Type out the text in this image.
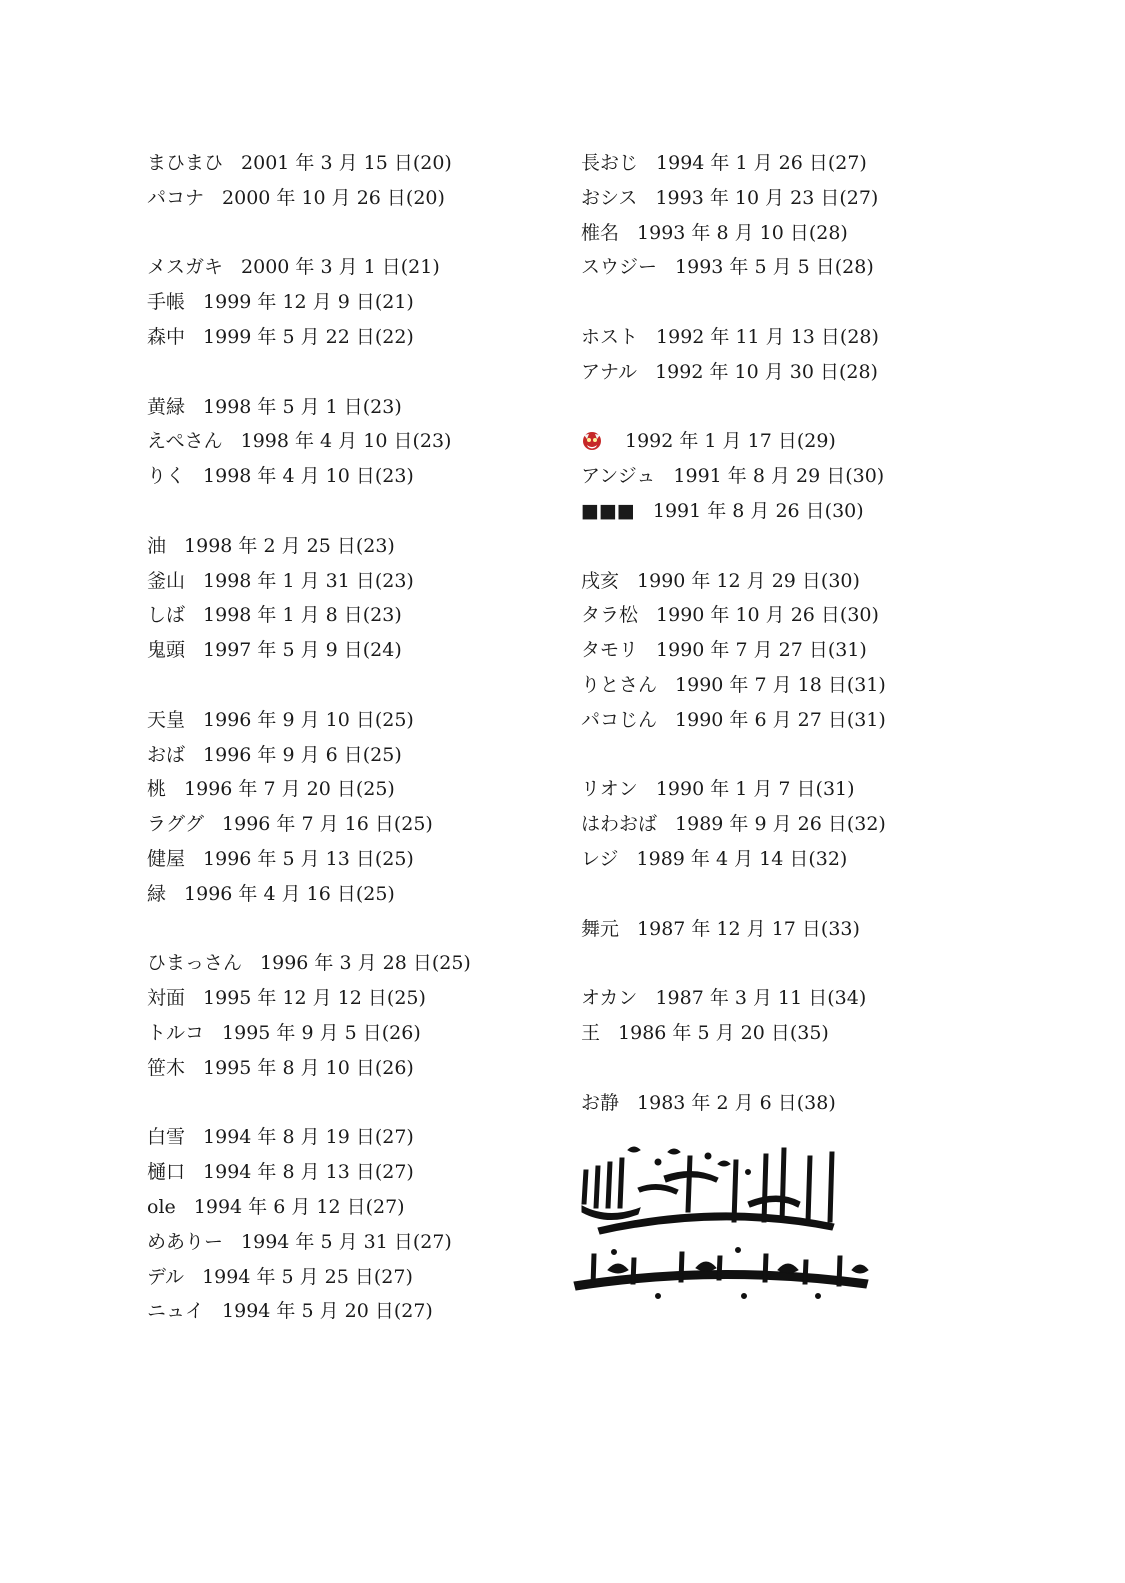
まひまひ 2001 年 3 月 15 日(20)
パコナ 2000 年 10 月 26 日(20)
メスガキ 2000 年 3 月 1 日(21)
手帳 1999 年 12 月 9 日(21)
森中 1999 年 5 月 22 日(22)
黄緑 1998 年 5 月 1 日(23)
えぺさん 1998 年 4 月 10 日(23)
りく 1998 年 4 月 10 日(23)
油 1998 年 2 月 25 日(23)
釜山 1998 年 1 月 31 日(23)
しば 1998 年 1 月 8 日(23)
鬼頭 1997 年 5 月 9 日(24)
天皇 1996 年 9 月 10 日(25)
おば 1996 年 9 月 6 日(25)
桃 1996 年 7 月 20 日(25)
ラググ 1996 年 7 月 16 日(25)
健屋 1996 年 5 月 13 日(25)
緑 1996 年 4 月 16 日(25)
ひまっさん 1996 年 3 月 28 日(25)
対面 1995 年 12 月 12 日(25)
トルコ 1995 年 9 月 5 日(26)
笹木 1995 年 8 月 10 日(26)
白雪 1994 年 8 月 19 日(27)
樋口 1994 年 8 月 13 日(27)
ole 1994 年 6 月 12 日(27)
めありー 1994 年 5 月 31 日(27)
デル 1994 年 5 月 25 日(27)
ニュイ 1994 年 5 月 20 日(27)
長おじ 1994 年 1 月 26 日(27)
おシス 1993 年 10 月 23 日(27)
椎名 1993 年 8 月 10 日(28)
スウジー 1993 年 5 月 5 日(28)
ホスト 1992 年 11 月 13 日(28)
アナル 1992 年 10 月 30 日(28)
1992 年 1 月 17 日(29)
アンジュ 1991 年 8 月 29 日(30)
■■■ 1991 年 8 月 26 日(30)
戌亥 1990 年 12 月 29 日(30)
タラ松 1990 年 10 月 26 日(30)
タモリ 1990 年 7 月 27 日(31)
りとさん 1990 年 7 月 18 日(31)
パコじん 1990 年 6 月 27 日(31)
リオン 1990 年 1 月 7 日(31)
はわおば 1989 年 9 月 26 日(32)
レジ 1989 年 4 月 14 日(32)
舞元 1987 年 12 月 17 日(33)
オカン 1987 年 3 月 11 日(34)
王 1986 年 5 月 20 日(35)
お静 1983 年 2 月 6 日(38)
